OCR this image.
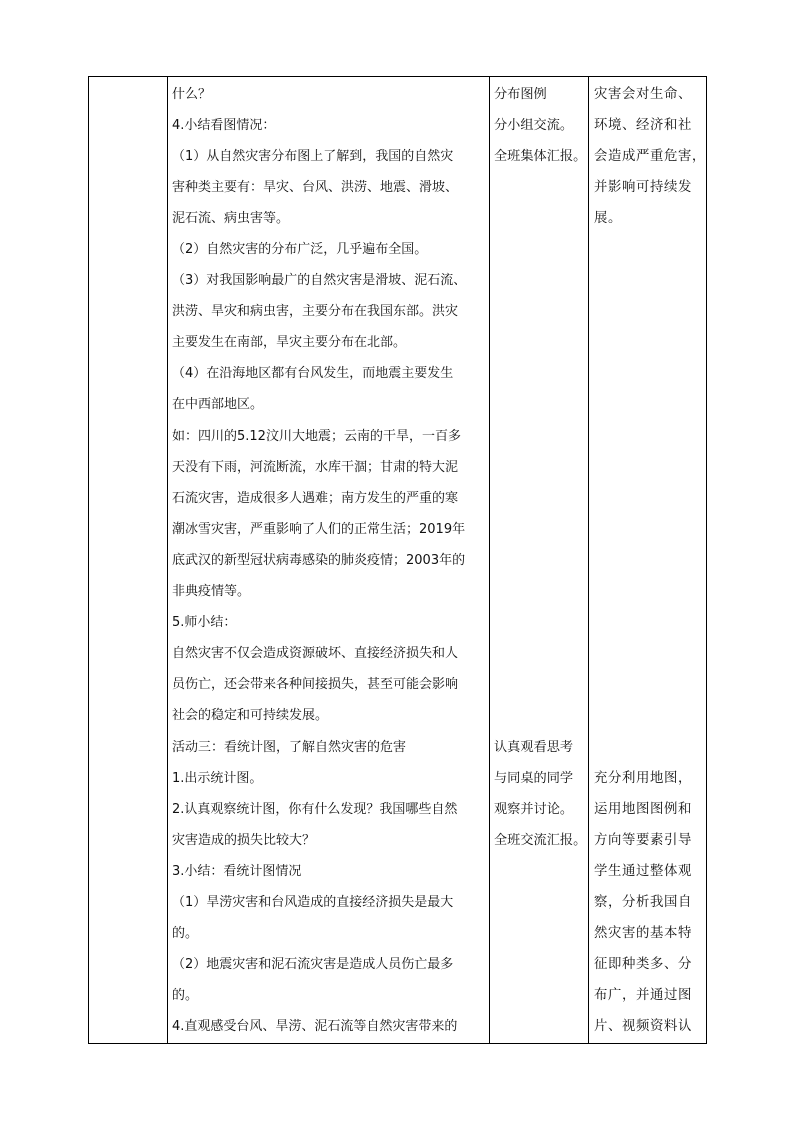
什么？
4.小结看图情况：
（1）从自然灾害分布图上了解到，我国的自然灾
害种类主要有：旱灾、台风、洪涝、地震、滑坡、
泥石流、病虫害等。
（2）自然灾害的分布广泛，几乎遍布全国。
（3）对我国影响最广的自然灾害是滑坡、泥石流、
洪涝、旱灾和病虫害，主要分布在我国东部。洪灾
主要发生在南部，旱灾主要分布在北部。
（4）在沿海地区都有台风发生，而地震主要发生
在中西部地区。
如：四川的5.12汶川大地震；云南的干旱，一百多
天没有下雨，河流断流，水库干涸；甘肃的特大泥
石流灾害，造成很多人遇难；南方发生的严重的寒
潮冰雪灾害，严重影响了人们的正常生活；2019年
底武汉的新型冠状病毒感染的肺炎疫情；2003年的
非典疫情等。
5.师小结：
自然灾害不仅会造成资源破坏、直接经济损失和人
员伤亡，还会带来各种间接损失，甚至可能会影响
社会的稳定和可持续发展。
活动三：看统计图，了解自然灾害的危害
1.出示统计图。
2.认真观察统计图，你有什么发现？我国哪些自然
灾害造成的损失比较大？
3.小结：看统计图情况
（1）旱涝灾害和台风造成的直接经济损失是最大
的。
（2）地震灾害和泥石流灾害是造成人员伤亡最多
的。
4.直观感受台风、旱涝、泥石流等自然灾害带来的
分布图例
分小组交流。
全班集体汇报。
认真观看思考
与同桌的同学
观察并讨论。
全班交流汇报。
灾害会对生命、
环境、经济和社
会造成严重危害，
并影响可持续发
展。
充分利用地图，
运用地图图例和
方向等要素引导
学生通过整体观
察，分析我国自
然灾害的基本特
征即种类多、分
布广，并通过图
片、视频资料认
